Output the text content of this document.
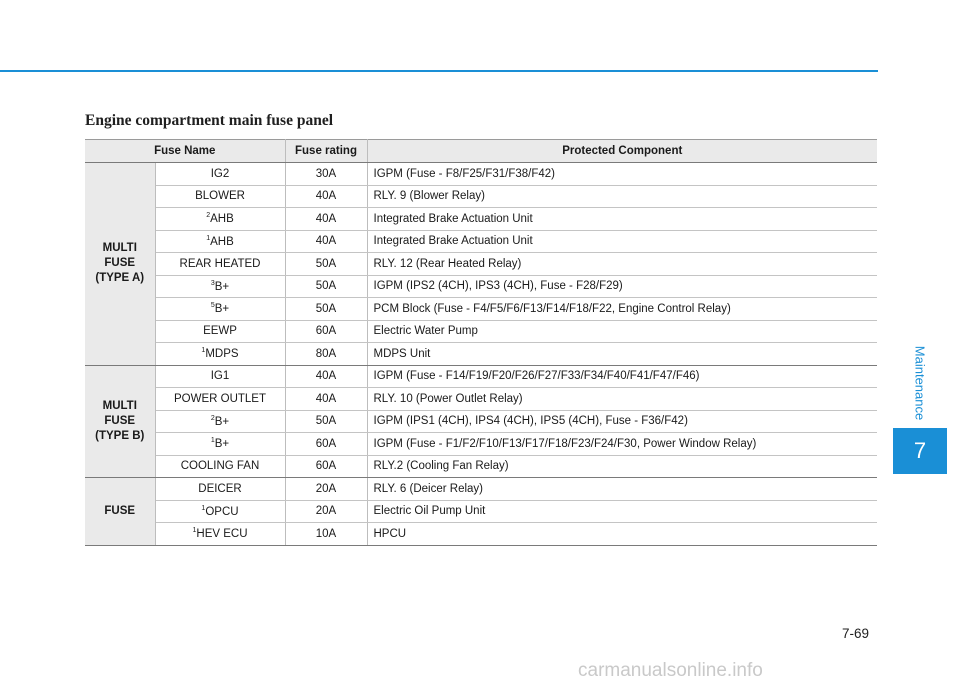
Engine compartment main fuse panel
Fuse Name		Fuse rating	Protected Component
MULTI
FUSE
(TYPE A)	IG2	30A	IGPM (Fuse - F8/F25/F31/F38/F42)
	BLOWER	40A	RLY. 9 (Blower Relay)
	$^2$AHB	40A	Integrated Brake Actuation Unit
	$^1$AHB	40A	Integrated Brake Actuation Unit
	REAR HEATED	50A	RLY. 12 (Rear Heated Relay)
	$^3$B+	50A	IGPM (IPS2 (4CH), IPS3 (4CH), Fuse - F28/F29)
	$^5$B+	50A	PCM Block (Fuse - F4/F5/F6/F13/F14/F18/F22, Engine Control Relay)
	EEWP	60A	Electric Water Pump
	$^1$MDPS	80A	MDPS Unit
MULTI
FUSE
(TYPE B)	IG1	40A	IGPM (Fuse - F14/F19/F20/F26/F27/F33/F34/F40/F41/F47/F46)
	POWER OUTLET	40A	RLY. 10 (Power Outlet Relay)
	$^2$B+	50A	IGPM (IPS1 (4CH), IPS4 (4CH), IPS5 (4CH), Fuse - F36/F42)
	$^1$B+	60A	IGPM (Fuse - F1/F2/F10/F13/F17/F18/F23/F24/F30, Power Window Relay)
	COOLING FAN	60A	RLY.2 (Cooling Fan Relay)
FUSE	DEICER	20A	RLY. 6 (Deicer Relay)
	$^1$OPCU	20A	Electric Oil Pump Unit
	$^1$HEV ECU	10A	HPCU
Maintenance
7
7-69
carmanualsonline.info
